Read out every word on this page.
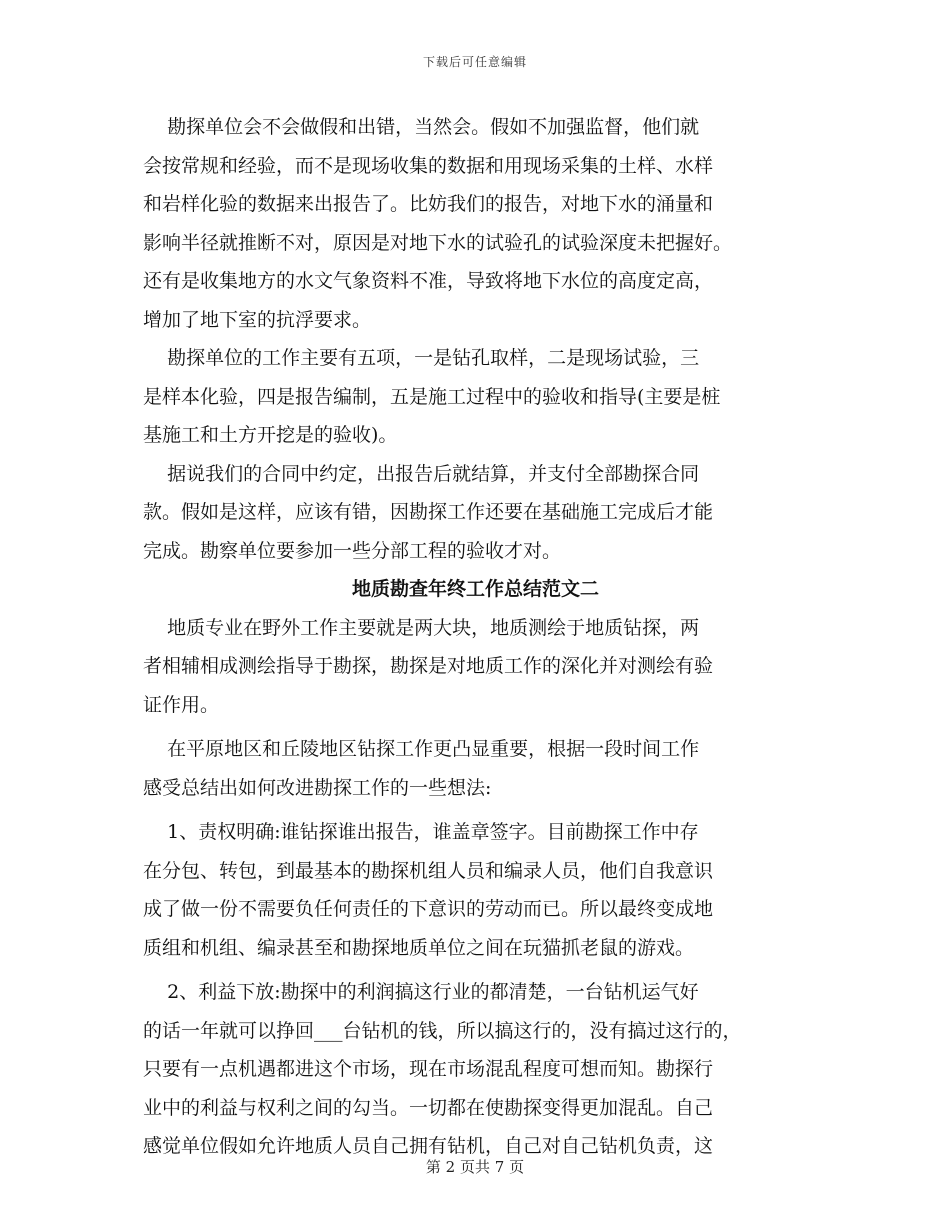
下载后可任意编辑
勘探单位会不会做假和出错，当然会。假如不加强监督，他们就
会按常规和经验，而不是现场收集的数据和用现场采集的土样、水样
和岩样化验的数据来出报告了。比妨我们的报告，对地下水的涌量和
影响半径就推断不对，原因是对地下水的试验孔的试验深度未把握好。
还有是收集地方的水文气象资料不准，导致将地下水位的高度定高，
增加了地下室的抗浮要求。
勘探单位的工作主要有五项，一是钻孔取样，二是现场试验，三
是样本化验，四是报告编制，五是施工过程中的验收和指导(主要是桩
基施工和土方开挖是的验收)。
据说我们的合同中约定，出报告后就结算，并支付全部勘探合同
款。假如是这样，应该有错，因勘探工作还要在基础施工完成后才能
完成。勘察单位要参加一些分部工程的验收才对。
地质勘查年终工作总结范文二
地质专业在野外工作主要就是两大块，地质测绘于地质钻探，两
者相辅相成测绘指导于勘探，勘探是对地质工作的深化并对测绘有验
证作用。
在平原地区和丘陵地区钻探工作更凸显重要，根据一段时间工作
感受总结出如何改进勘探工作的一些想法:
1、责权明确:谁钻探谁出报告，谁盖章签字。目前勘探工作中存
在分包、转包，到最基本的勘探机组人员和编录人员，他们自我意识
成了做一份不需要负任何责任的下意识的劳动而已。所以最终变成地
质组和机组、编录甚至和勘探地质单位之间在玩猫抓老鼠的游戏。
2、利益下放:勘探中的利润搞这行业的都清楚，一台钻机运气好
的话一年就可以挣回___台钻机的钱，所以搞这行的，没有搞过这行的，
只要有一点机遇都进这个市场，现在市场混乱程度可想而知。勘探行
业中的利益与权利之间的勾当。一切都在使勘探变得更加混乱。自己
感觉单位假如允许地质人员自己拥有钻机，自己对自己钻机负责，这
第 2 页共 7 页
